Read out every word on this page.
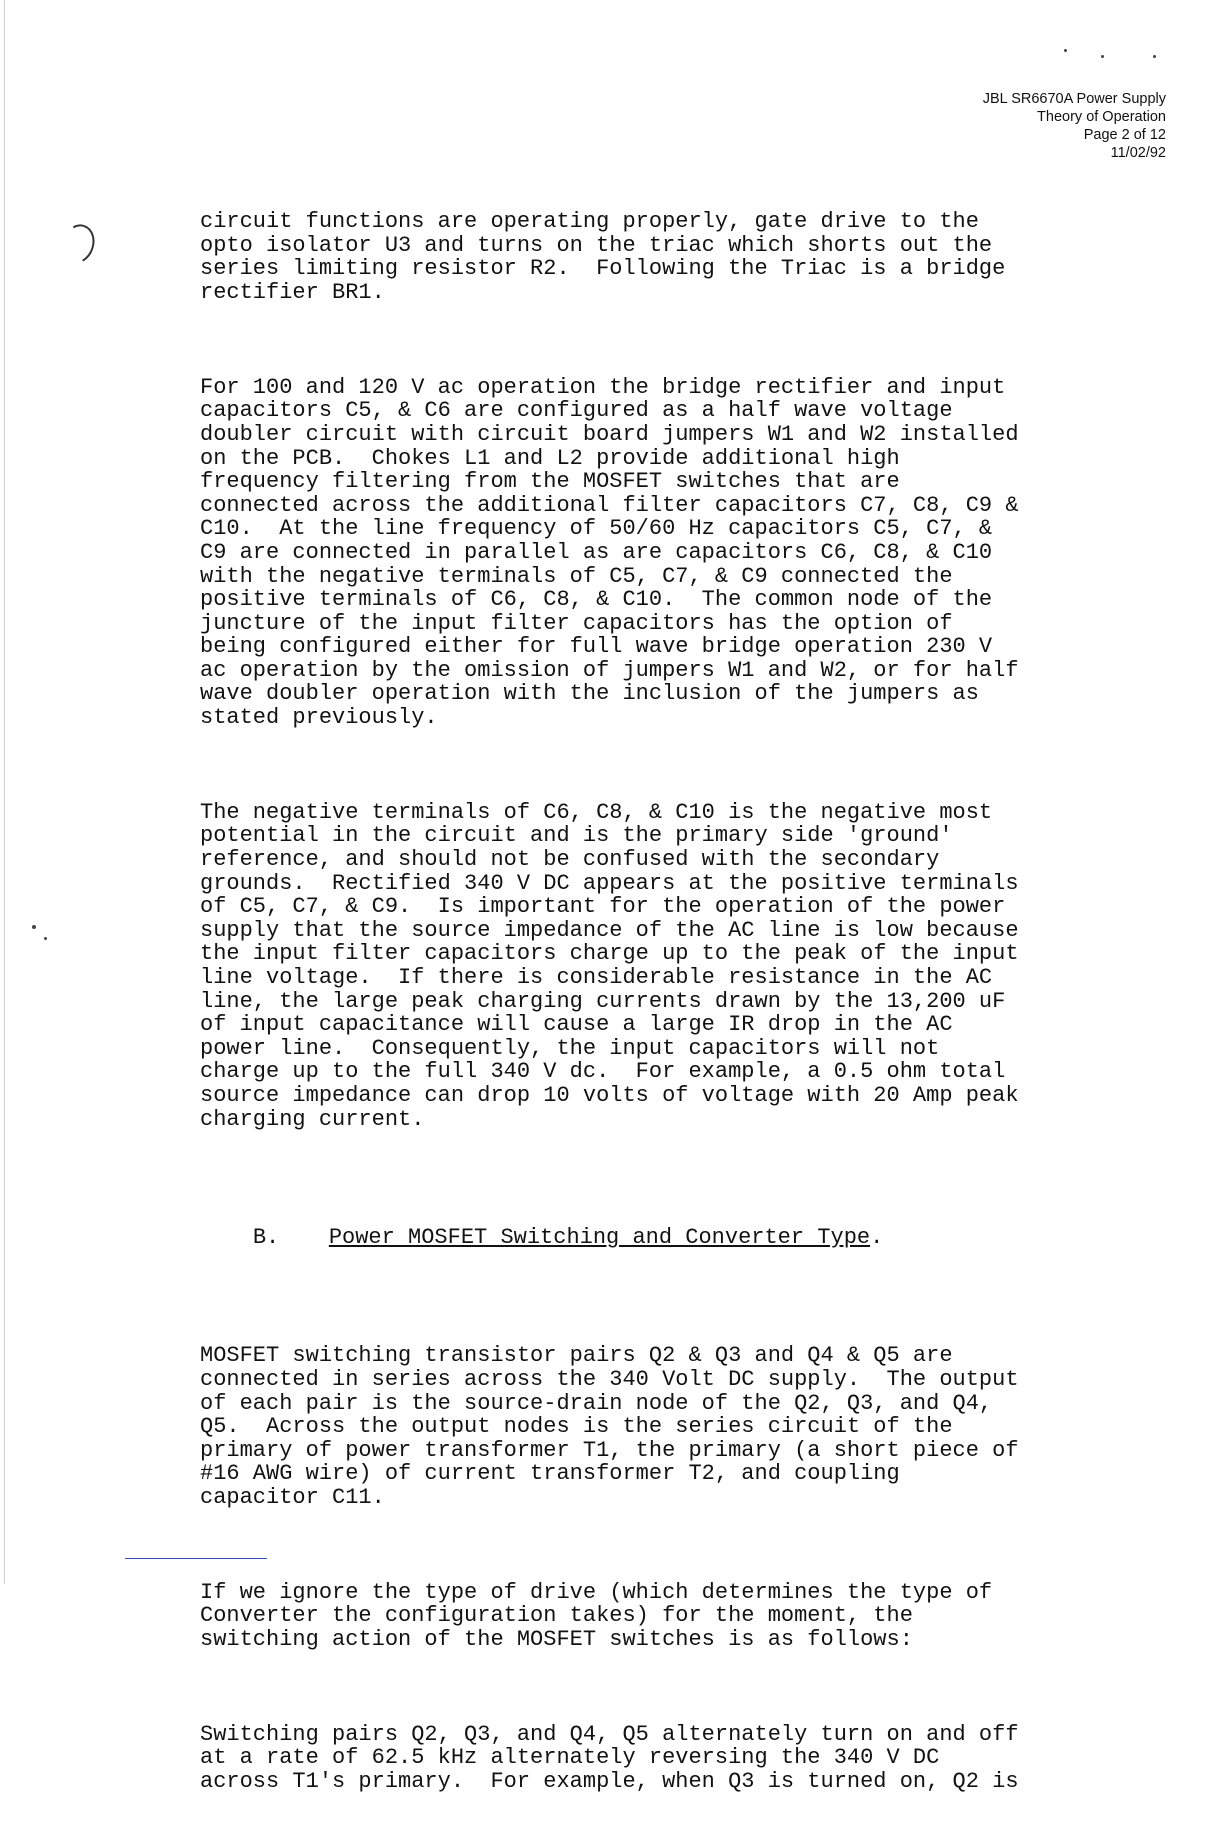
JBL SR6670A Power Supply
Theory of Operation
Page 2 of 12
11/02/92

circuit functions are operating properly, gate drive to the
opto isolator U3 and turns on the triac which shorts out the
series limiting resistor R2.  Following the Triac is a bridge
rectifier BR1.

For 100 and 120 V ac operation the bridge rectifier and input
capacitors C5, & C6 are configured as a half wave voltage
doubler circuit with circuit board jumpers W1 and W2 installed
on the PCB.  Chokes L1 and L2 provide additional high
frequency filtering from the MOSFET switches that are
connected across the additional filter capacitors C7, C8, C9 &
C10.  At the line frequency of 50/60 Hz capacitors C5, C7, &
C9 are connected in parallel as are capacitors C6, C8, & C10
with the negative terminals of C5, C7, & C9 connected the
positive terminals of C6, C8, & C10.  The common node of the
juncture of the input filter capacitors has the option of
being configured either for full wave bridge operation 230 V
ac operation by the omission of jumpers W1 and W2, or for half
wave doubler operation with the inclusion of the jumpers as
stated previously.

The negative terminals of C6, C8, & C10 is the negative most
potential in the circuit and is the primary side 'ground'
reference, and should not be confused with the secondary
grounds.  Rectified 340 V DC appears at the positive terminals
of C5, C7, & C9.  Is important for the operation of the power
supply that the source impedance of the AC line is low because
the input filter capacitors charge up to the peak of the input
line voltage.  If there is considerable resistance in the AC
line, the large peak charging currents drawn by the 13,200 uF
of input capacitance will cause a large IR drop in the AC
power line.  Consequently, the input capacitors will not
charge up to the full 340 V dc.  For example, a 0.5 ohm total
source impedance can drop 10 volts of voltage with 20 Amp peak
charging current.

B. Power MOSFET Switching and Converter Type.

MOSFET switching transistor pairs Q2 & Q3 and Q4 & Q5 are
connected in series across the 340 Volt DC supply.  The output
of each pair is the source-drain node of the Q2, Q3, and Q4,
Q5.  Across the output nodes is the series circuit of the
primary of power transformer T1, the primary (a short piece of
#16 AWG wire) of current transformer T2, and coupling
capacitor C11.

If we ignore the type of drive (which determines the type of
Converter the configuration takes) for the moment, the
switching action of the MOSFET switches is as follows:

Switching pairs Q2, Q3, and Q4, Q5 alternately turn on and off
at a rate of 62.5 kHz alternately reversing the 340 V DC
across T1's primary.  For example, when Q3 is turned on, Q2 is
